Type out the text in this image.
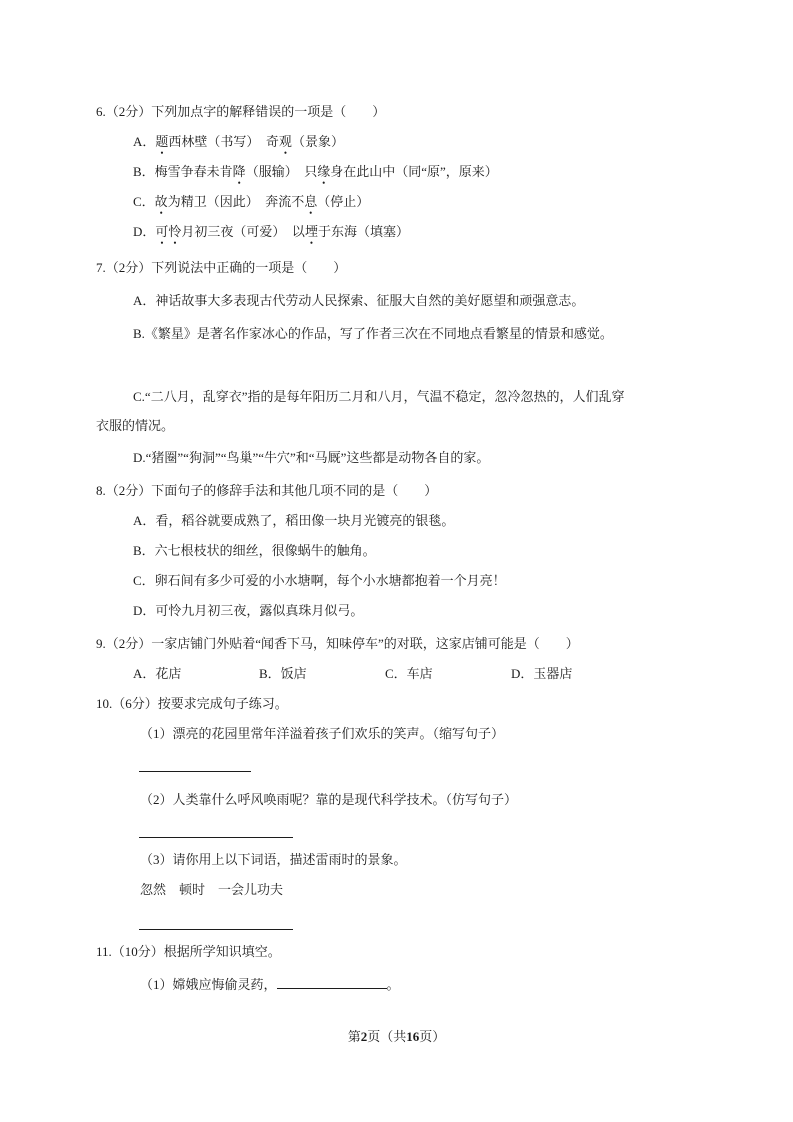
6.（2分）下列加点字的解释错误的一项是（　　）
A．题西林壁（书写）　奇观（景象）
B．梅雪争春未肯降（服输）　只缘身在此山中（同“原”，原来）
C．故为精卫（因此）　奔流不息（停止）
D．可怜月初三夜（可爱）　以堙于东海（填塞）
7.（2分）下列说法中正确的一项是（　　）
A．神话故事大多表现古代劳动人民探索、征服大自然的美好愿望和顽强意志。
B.《繁星》是著名作家冰心的作品，写了作者三次在不同地点看繁星的情景和感觉。
C.“二八月，乱穿衣”指的是每年阳历二月和八月，气温不稳定，忽冷忽热的，人们乱穿衣服的情况。
D.“猪圈”“狗洞”“鸟巢”“牛穴”和“马厩”这些都是动物各自的家。
8.（2分）下面句子的修辞手法和其他几项不同的是（　　）
A．看，稻谷就要成熟了，稻田像一块月光镀亮的银毯。
B．六七根枝状的细丝，很像蜗牛的触角。
C．卵石间有多少可爱的小水塘啊，每个小水塘都抱着一个月亮！
D．可怜九月初三夜，露似真珠月似弓。
9.（2分）一家店铺门外贴着“闻香下马，知味停车”的对联，这家店铺可能是（　　）
A．花店	B．饭店	C．车店	D．玉器店
10.（6分）按要求完成句子练习。
（1）漂亮的花园里常年洋溢着孩子们欢乐的笑声。（缩写句子）
（2）人类靠什么呼风唤雨呢？靠的是现代科学技术。（仿写句子）
（3）请你用上以下词语，描述雷雨时的景象。
忽然　顿时　一会儿功夫
11.（10分）根据所学知识填空。
（1）嫦娥应悔偷灵药，	。
第2页（共16页）
